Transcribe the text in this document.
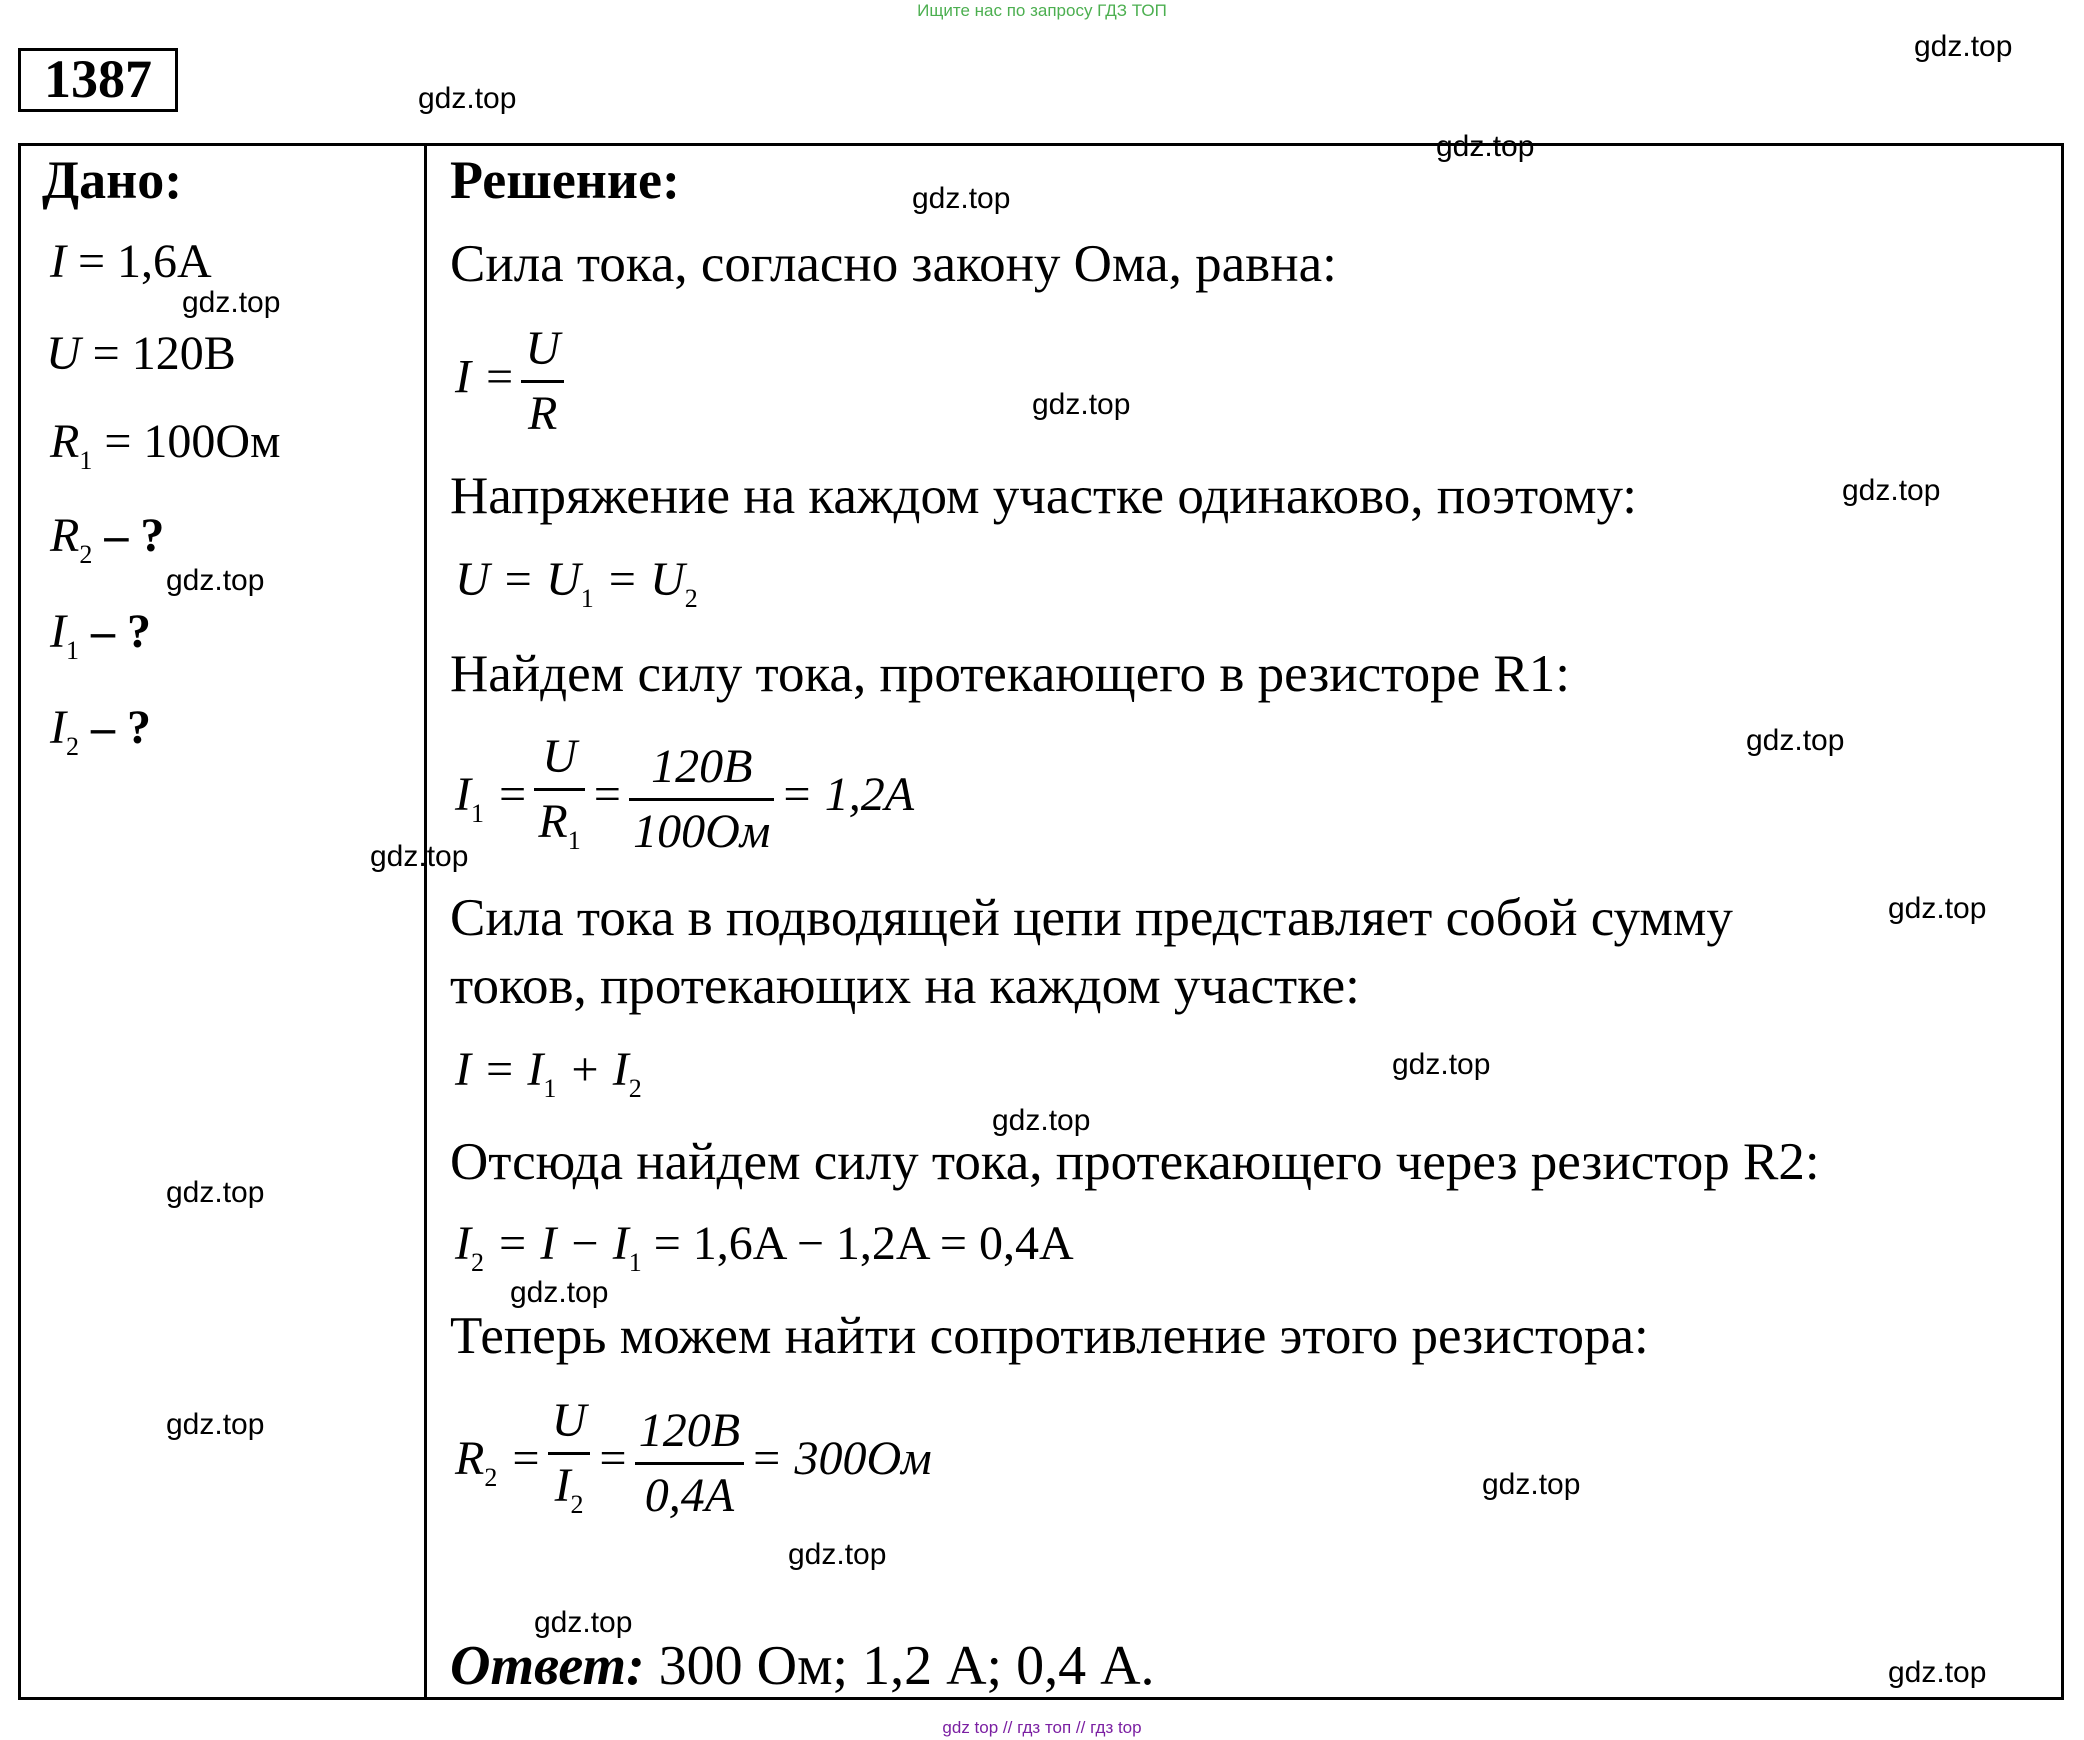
Ищите нас по запросу ГДЗ ТОП
1387
Дано:
I = 1,6A
U = 120B
$R_1 = 100Ом$
$R_2$ – ?
$I_1$ – ?
$I_2$ – ?
Решение:
Сила тока, согласно закону Ома, равна:
$I = \frac{U}{R}$
Напряжение на каждом участке одинаково, поэтому:
$U = U_1 = U_2$
Найдем силу тока, протекающего в резисторе R1:
$I_1 = \frac{U}{R_1} = \frac{120B}{100Ом} = 1,2A$
Сила тока в подводящей цепи представляет собой сумму
токов, протекающих на каждом участке:
$I = I_1 + I_2$
Отсюда найдем силу тока, протекающего через резистор R2:
$I_2 = I - I_1 = 1,6A - 1,2A = 0,4A$
Теперь можем найти сопротивление этого резистора:
$R_2 = \frac{U}{I_2} = \frac{120B}{0,4A} = 300Ом$
Ответ: 300 Ом; 1,2 А; 0,4 А.
gdz.top
gdz.top
gdz.top
gdz.top
gdz.top
gdz.top
gdz.top
gdz.top
gdz.top
gdz.top
gdz.top
gdz.top
gdz.top
gdz.top
gdz.top
gdz.top
gdz.top
gdz.top
gdz.top
gdz.top
gdz top // гдз топ // гдз top
